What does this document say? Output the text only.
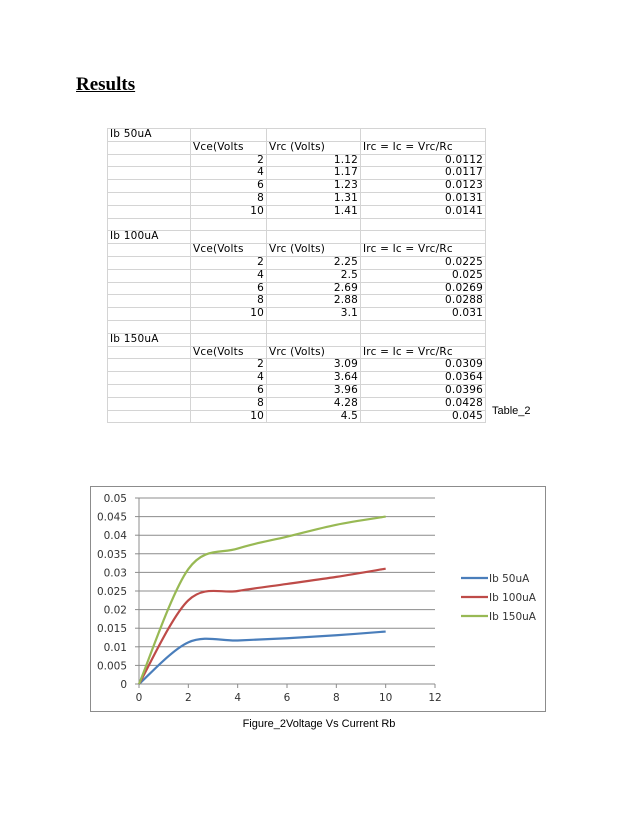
Results
Ib 50uA			
	Vce(Volts	Vrc (Volts)	Irc = Ic = Vrc/Rc
	2	1.12	0.0112
	4	1.17	0.0117
	6	1.23	0.0123
	8	1.31	0.0131
	10	1.41	0.0141

Ib 100uA			
	Vce(Volts	Vrc (Volts)	Irc = Ic = Vrc/Rc
	2	2.25	0.0225
	4	2.5	0.025
	6	2.69	0.0269
	8	2.88	0.0288
	10	3.1	0.031

Ib 150uA			
	Vce(Volts	Vrc (Volts)	Irc = Ic = Vrc/Rc
	2	3.09	0.0309
	4	3.64	0.0364
	6	3.96	0.0396
	8	4.28	0.0428
	10	4.5	0.045 Table_2
0
0.005
0.01
0.015
0.02
0.025
0.03
0.035
0.04
0.045
0.05
0	2	4	6	8	10	12
Ib 50uA
Ib 100uA
Ib 150uA
Figure_2Voltage Vs Current Rb
